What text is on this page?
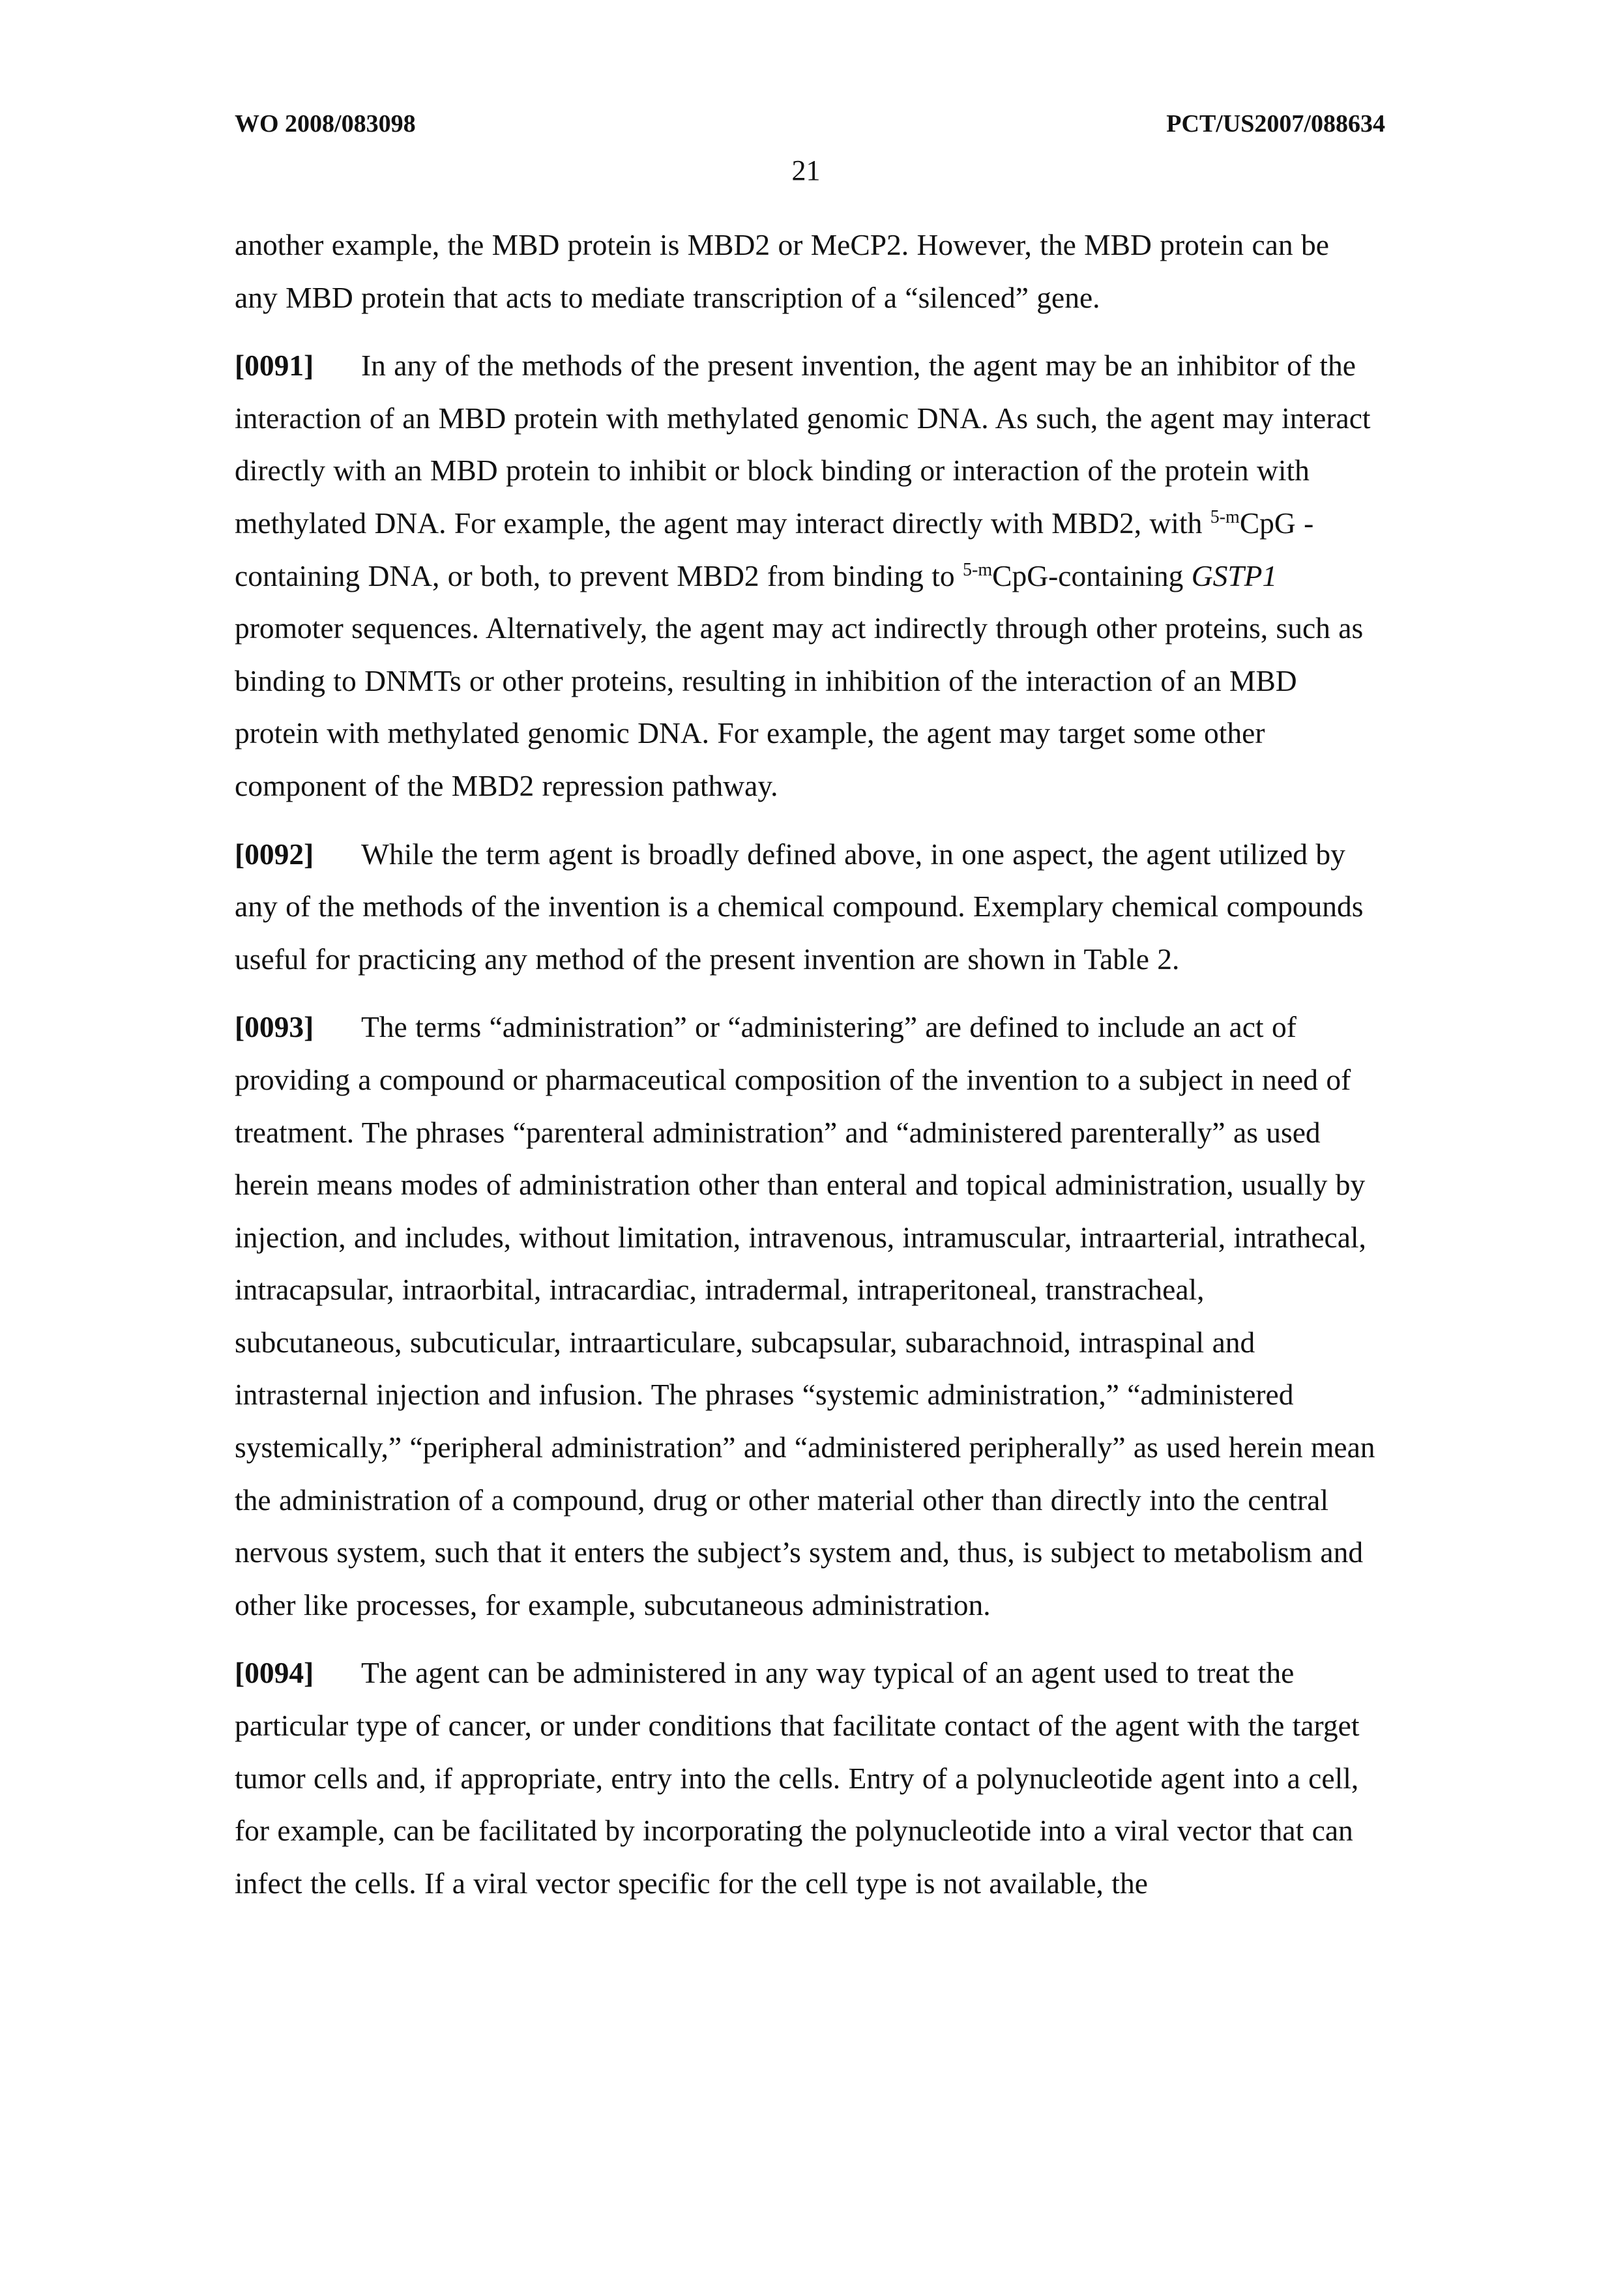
WO 2008/083098	PCT/US2007/088634
21

another example, the MBD protein is MBD2 or MeCP2. However, the MBD protein can be any MBD protein that acts to mediate transcription of a “silenced” gene.

[0091] In any of the methods of the present invention, the agent may be an inhibitor of the interaction of an MBD protein with methylated genomic DNA. As such, the agent may interact directly with an MBD protein to inhibit or block binding or interaction of the protein with methylated DNA. For example, the agent may interact directly with MBD2, with $^{5-m}$CpG -containing DNA, or both, to prevent MBD2 from binding to $^{5-m}$CpG-containing GSTP1 promoter sequences. Alternatively, the agent may act indirectly through other proteins, such as binding to DNMTs or other proteins, resulting in inhibition of the interaction of an MBD protein with methylated genomic DNA. For example, the agent may target some other component of the MBD2 repression pathway.

[0092] While the term agent is broadly defined above, in one aspect, the agent utilized by any of the methods of the invention is a chemical compound. Exemplary chemical compounds useful for practicing any method of the present invention are shown in Table 2.

[0093] The terms “administration” or “administering” are defined to include an act of providing a compound or pharmaceutical composition of the invention to a subject in need of treatment. The phrases “parenteral administration” and “administered parenterally” as used herein means modes of administration other than enteral and topical administration, usually by injection, and includes, without limitation, intravenous, intramuscular, intraarterial, intrathecal, intracapsular, intraorbital, intracardiac, intradermal, intraperitoneal, transtracheal, subcutaneous, subcuticular, intraarticulare, subcapsular, subarachnoid, intraspinal and intrasternal injection and infusion. The phrases “systemic administration,” “administered systemically,” “peripheral administration” and “administered peripherally” as used herein mean the administration of a compound, drug or other material other than directly into the central nervous system, such that it enters the subject’s system and, thus, is subject to metabolism and other like processes, for example, subcutaneous administration.

[0094] The agent can be administered in any way typical of an agent used to treat the particular type of cancer, or under conditions that facilitate contact of the agent with the target tumor cells and, if appropriate, entry into the cells. Entry of a polynucleotide agent into a cell, for example, can be facilitated by incorporating the polynucleotide into a viral vector that can infect the cells. If a viral vector specific for the cell type is not available, the
